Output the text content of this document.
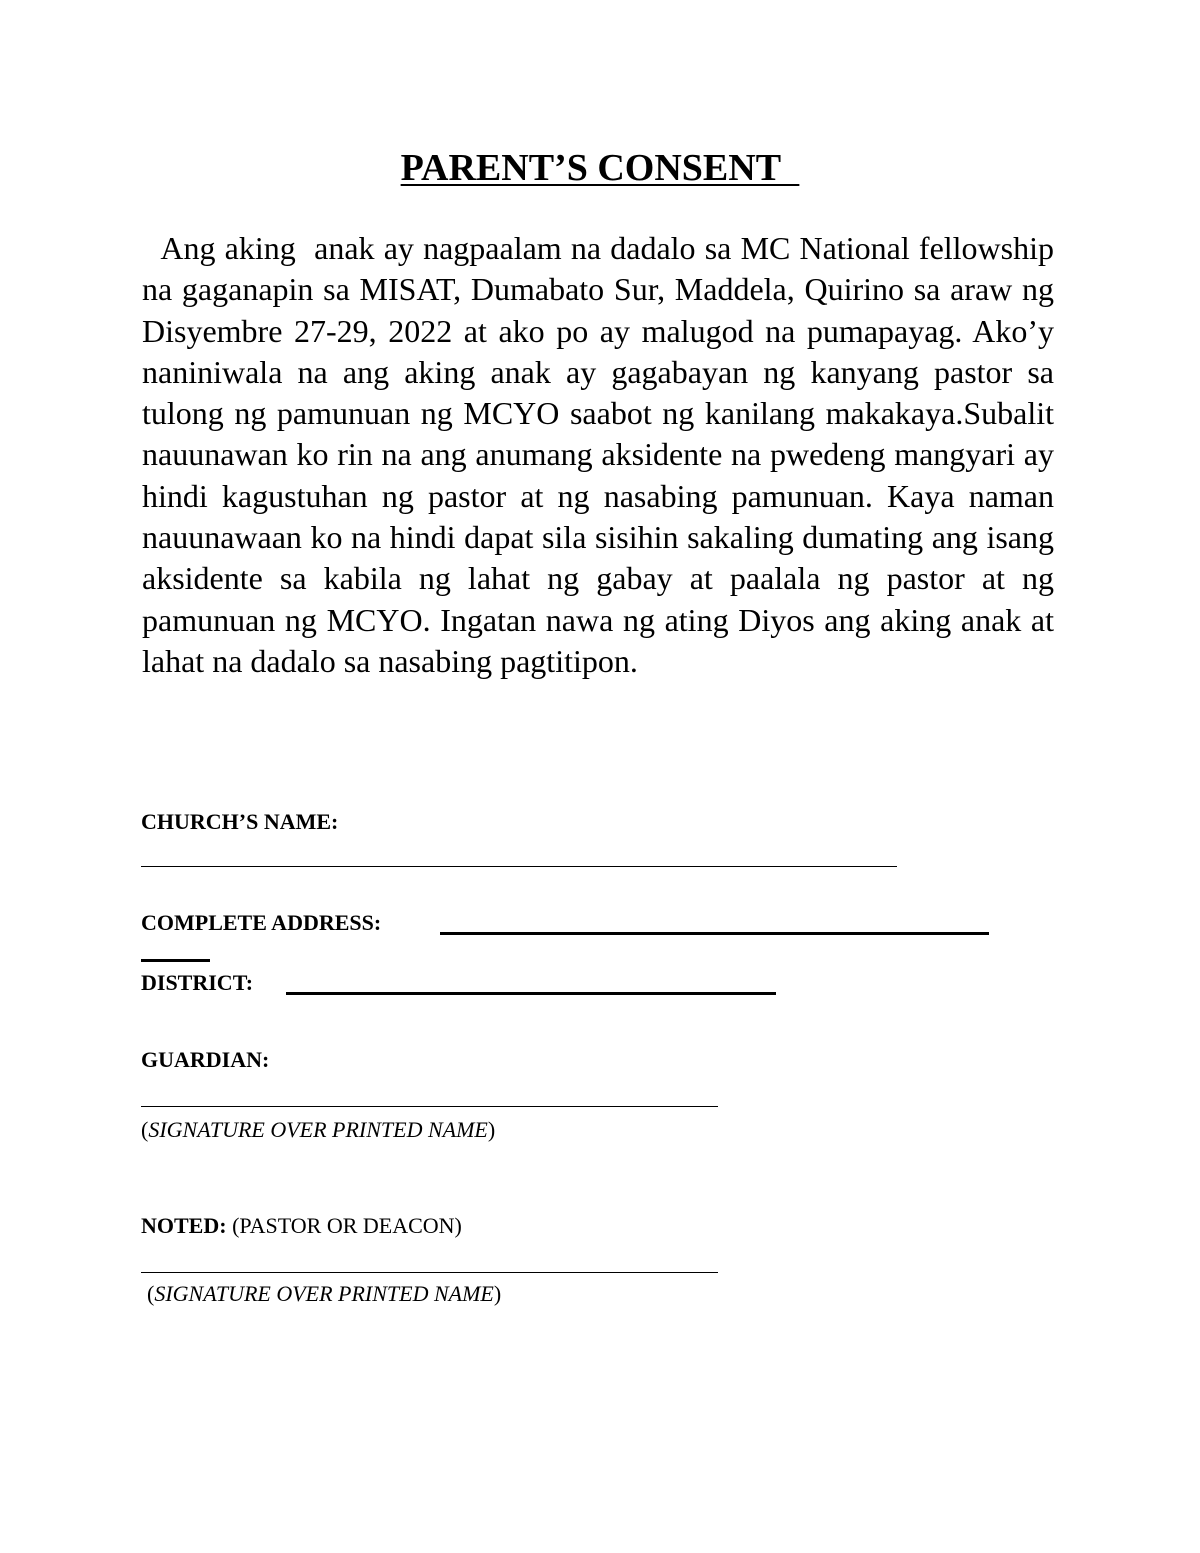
PARENT’S CONSENT

Ang aking  anak ay nagpaalam na dadalo sa MC National fellowship na gaganapin sa MISAT, Dumabato Sur, Maddela, Quirino sa araw ng Disyembre 27-29, 2022 at ako po ay malugod na pumapayag. Ako’y naniniwala na ang aking anak ay gagabayan ng kanyang pastor sa tulong ng pamunuan ng MCYO saabot ng kanilang makakaya.Subalit nauunawan ko rin na ang anumang aksidente na pwedeng mangyari ay hindi kagustuhan ng pastor at ng nasabing pamunuan. Kaya naman nauunawaan ko na hindi dapat sila sisihin sakaling dumating ang isang aksidente sa kabila ng lahat ng gabay at paalala ng pastor at ng pamunuan ng MCYO. Ingatan nawa ng ating Diyos ang aking anak at lahat na dadalo sa nasabing pagtitipon.

CHURCH’S NAME:

COMPLETE ADDRESS:

DISTRICT:

GUARDIAN:

(SIGNATURE OVER PRINTED NAME)

NOTED: (PASTOR OR DEACON)

(SIGNATURE OVER PRINTED NAME)
